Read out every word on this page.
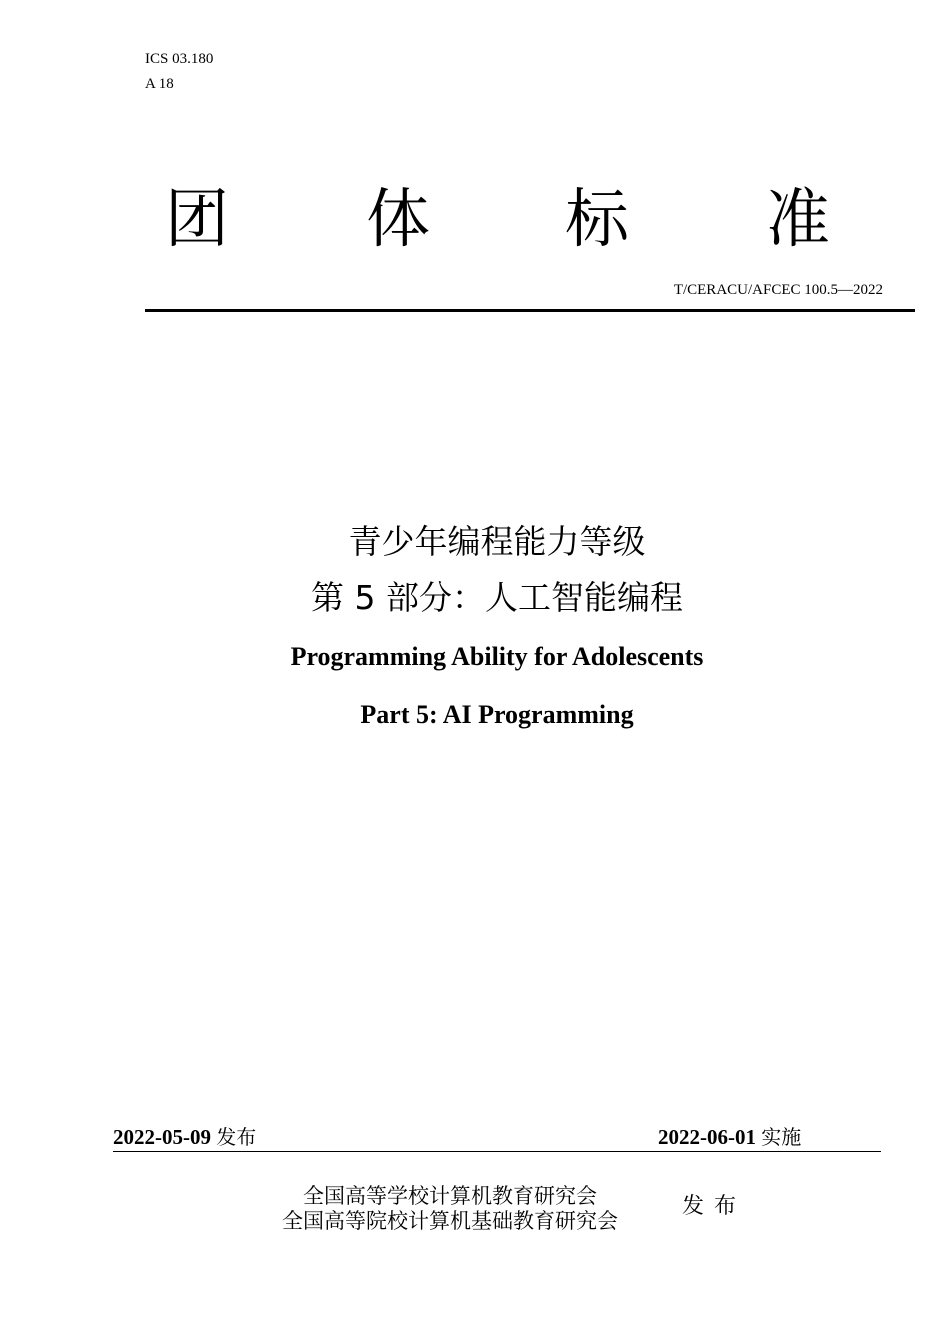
ICS 03.180
A 18
团 体 标 准
T/CERACU/AFCEC 100.5—2022
青少年编程能力等级
第 5 部分：人工智能编程
Programming Ability for Adolescents
Part 5: AI Programming
2022-05-09 发布	2022-06-01 实施
全国高等学校计算机教育研究会
全国高等院校计算机基础教育研究会
发布
